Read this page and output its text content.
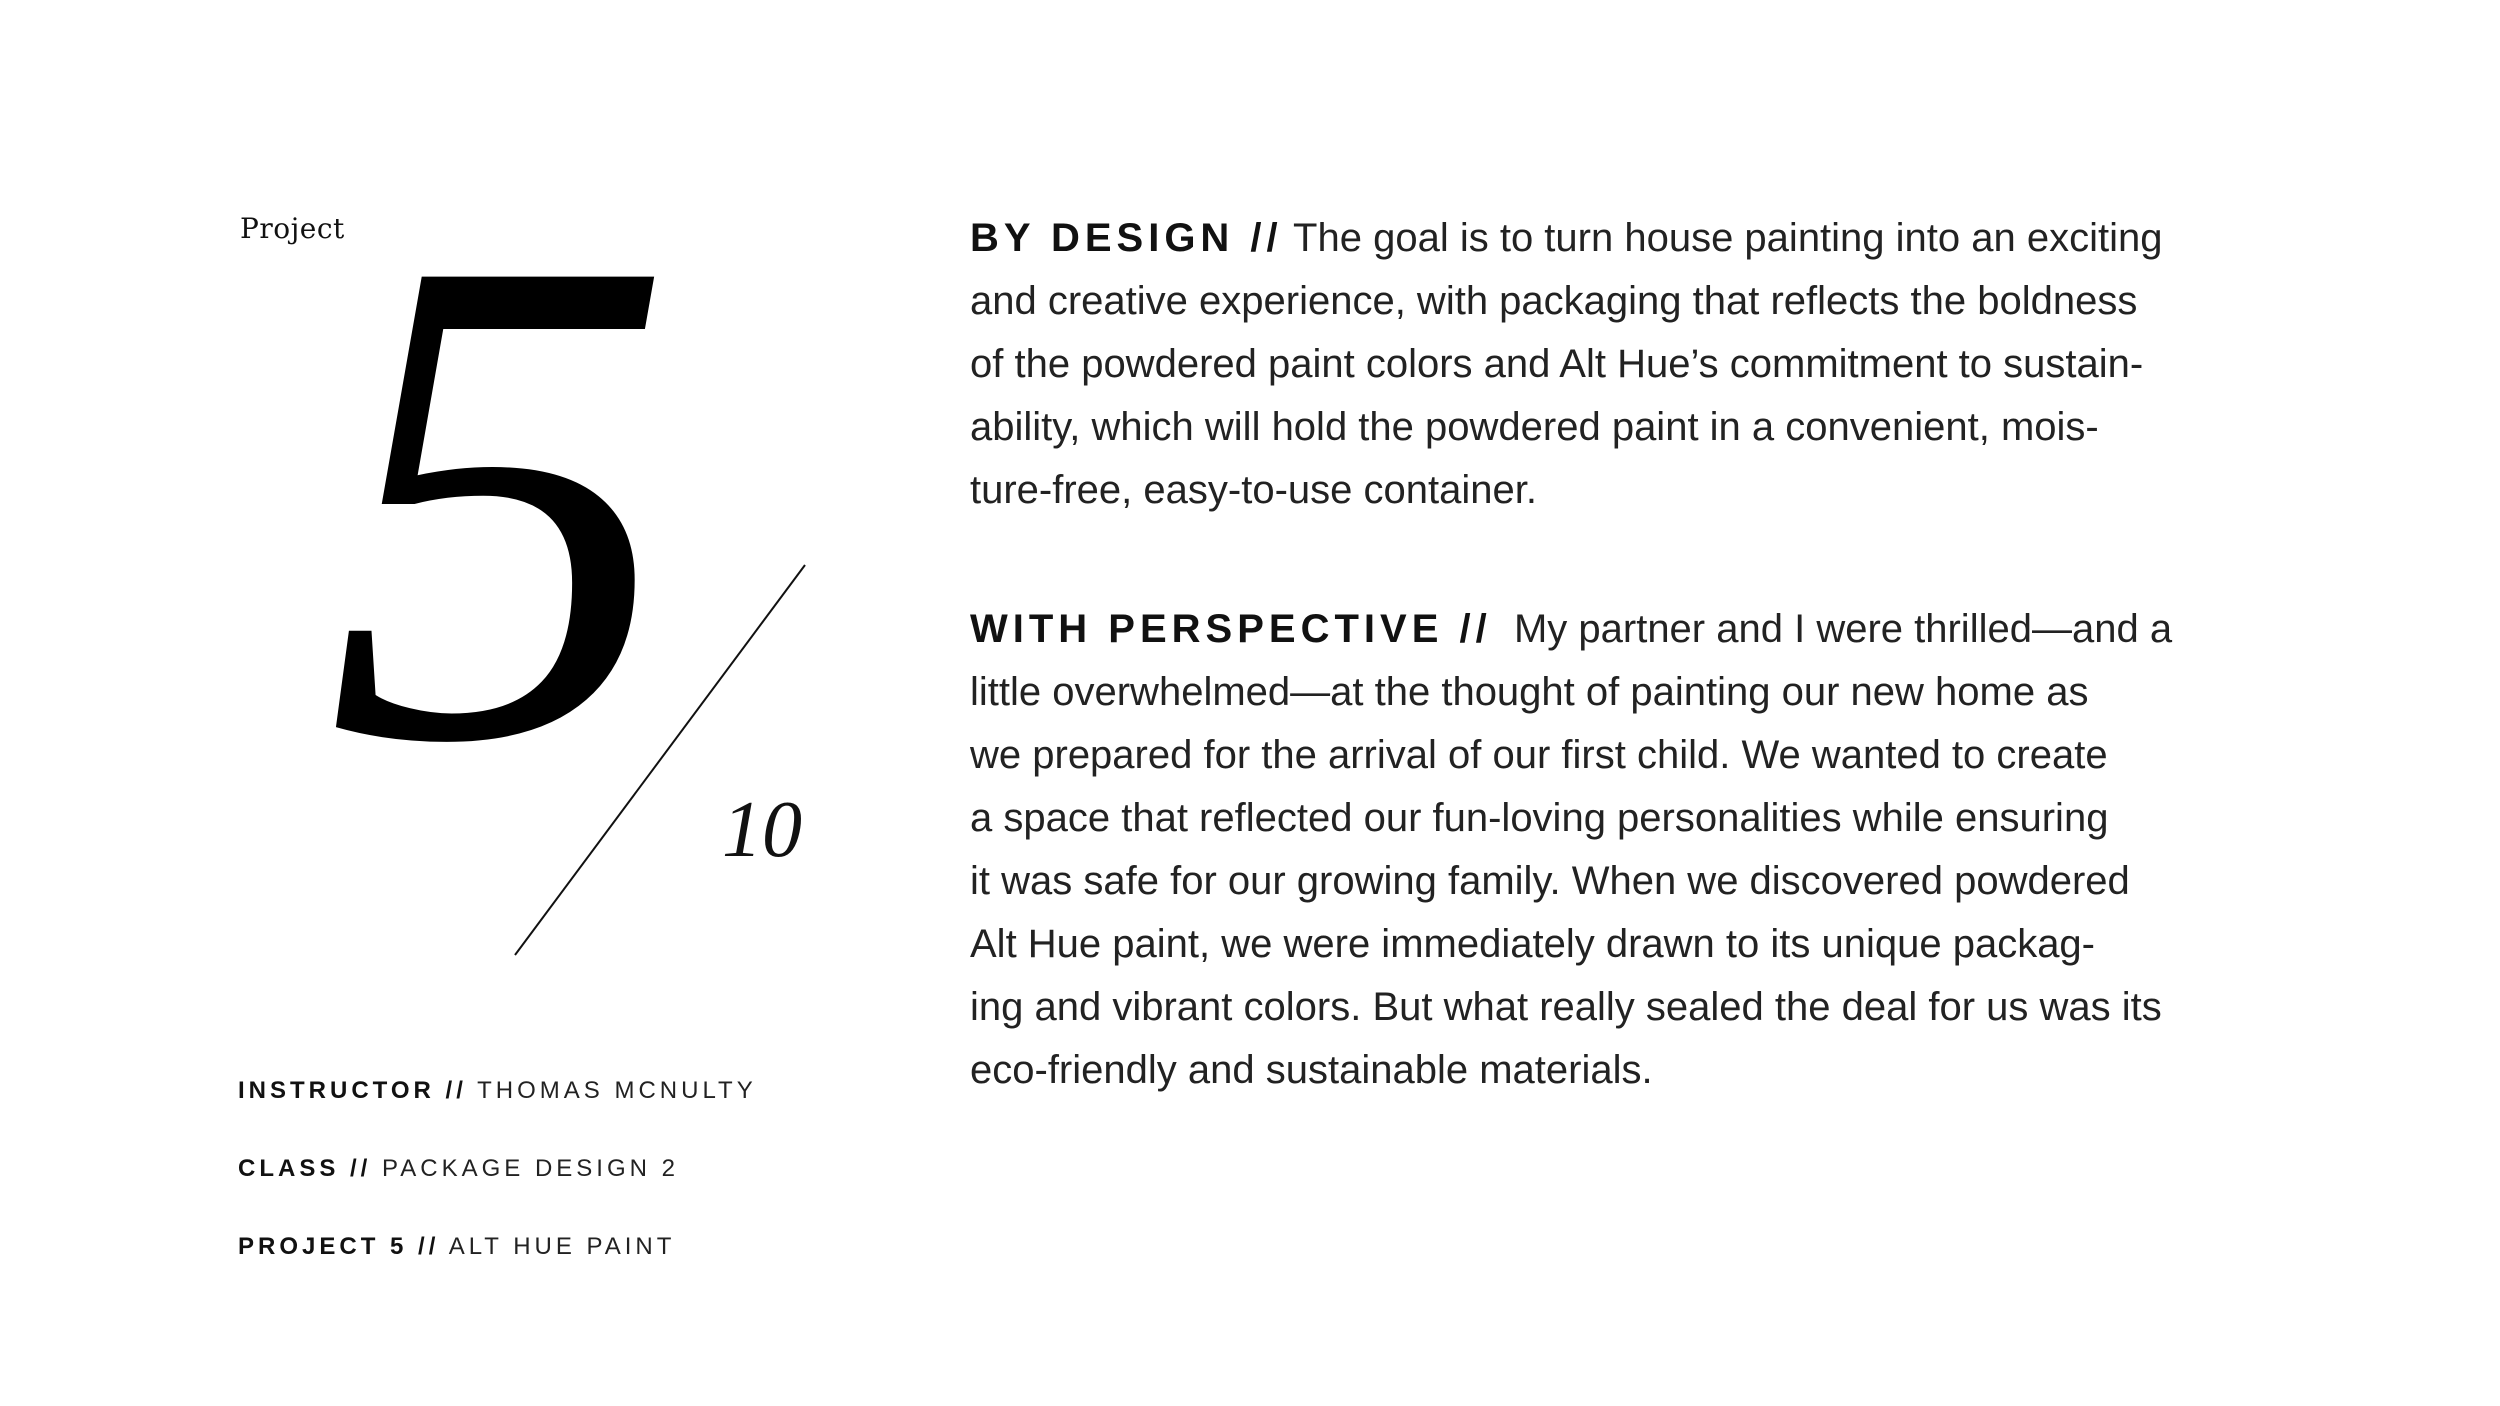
Project
5 10
INSTRUCTOR // THOMAS MCNULTY
CLASS // PACKAGE DESIGN 2
PROJECT 5 // ALT HUE PAINT
BY DESIGN // The goal is to turn house painting into an exciting
and creative experience, with packaging that reflects the boldness
of the powdered paint colors and Alt Hue’s commitment to sustain-
ability, which will hold the powdered paint in a convenient, mois-
ture-free, easy-to-use container.
WITH PERSPECTIVE // My partner and I were thrilled—and a
little overwhelmed—at the thought of painting our new home as
we prepared for the arrival of our first child. We wanted to create
a space that reflected our fun-loving personalities while ensuring
it was safe for our growing family. When we discovered powdered
Alt Hue paint, we were immediately drawn to its unique packag-
ing and vibrant colors. But what really sealed the deal for us was its
eco-friendly and sustainable materials.
